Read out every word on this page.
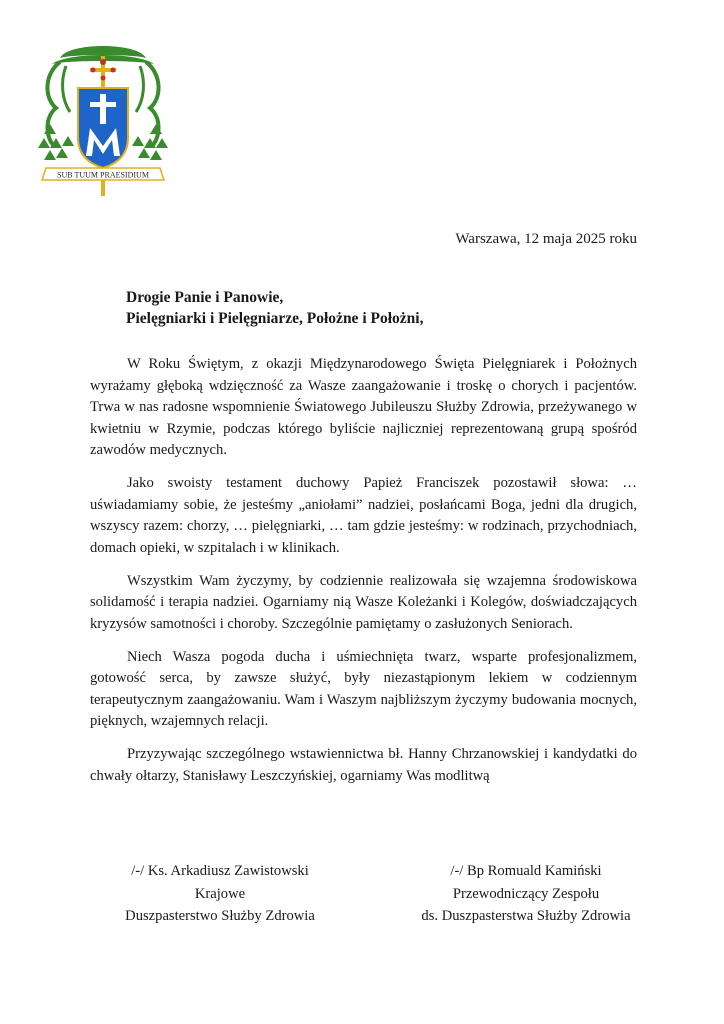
SUB TUUM PRAESIDIUM
Warszawa, 12 maja 2025 roku
Drogie Panie i Panowie,
Pielęgniarki i Pielęgniarze, Położne i Położni,

W Roku Świętym, z okazji Międzynarodowego Święta Pielęgniarek i Położnych wyrażamy głęboką wdzięczność za Wasze zaangażowanie i troskę o chorych i pacjentów. Trwa w nas radosne wspomnienie Światowego Jubileuszu Służby Zdrowia, przeżywanego w kwietniu w Rzymie, podczas którego byliście najliczniej reprezentowaną grupą spośród zawodów medycznych.

Jako swoisty testament duchowy Papież Franciszek pozostawił słowa: … uświadamiamy sobie, że jesteśmy „aniołami” nadziei, posłańcami Boga, jedni dla drugich, wszyscy razem: chorzy, … pielęgniarki, … tam gdzie jesteśmy: w rodzinach, przychodniach, domach opieki, w szpitalach i w klinikach.

Wszystkim Wam życzymy, by codziennie realizowała się wzajemna środowiskowa solidamość i terapia nadziei. Ogarniamy nią Wasze Koleżanki i Kolegów, doświadczających kryzysów samotności i choroby. Szczególnie pamiętamy o zasłużonych Seniorach.

Niech Wasza pogoda ducha i uśmiechnięta twarz, wsparte profesjonalizmem, gotowość serca, by zawsze służyć, były niezastąpionym lekiem w codziennym terapeutycznym zaangażowaniu. Wam i Waszym najbliższym życzymy budowania mocnych, pięknych, wzajemnych relacji.

Przyzywając szczególnego wstawiennictwa bł. Hanny Chrzanowskiej i kandydatki do chwały ołtarzy, Stanisławy Leszczyńskiej, ogarniamy Was modlitwą

/-/ Ks. Arkadiusz Zawistowski
Krajowe
Duszpasterstwo Służby Zdrowia
/-/ Bp Romuald Kamiński
Przewodniczący Zespołu
ds. Duszpasterstwa Służby Zdrowia
